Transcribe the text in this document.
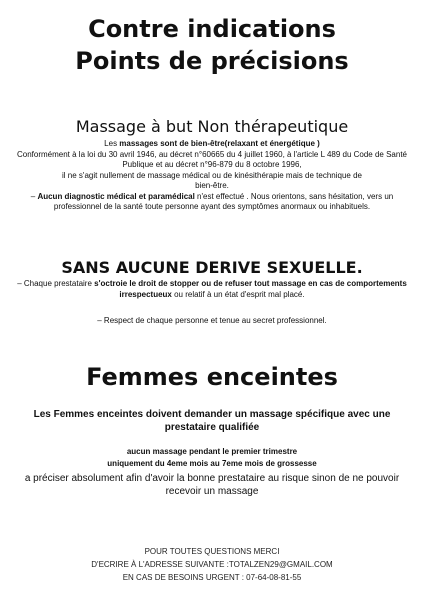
Contre indications
Points de précisions
Massage à but Non thérapeutique

Les massages sont de bien-être(relaxant et énergétique )

Conformément à la loi du 30 avril 1946, au décret n°60665 du 4 juillet 1960, à l'article L 489 du Code de Santé Publique et au décret n°96-879 du 8 octobre 1996,

il ne s'agit nullement de massage médical ou de kinésithérapie mais de technique de

bien-être.

– Aucun diagnostic médical et paramédical n'est effectué . Nous orientons, sans hésitation, vers un professionnel de la santé toute personne ayant des symptômes anormaux ou inhabituels.

SANS AUCUNE DERIVE SEXUELLE.

– Chaque prestataire s'octroie le droit de stopper ou de refuser tout massage en cas de comportements irrespectueux ou relatif à un état d'esprit mal placé.

– Respect de chaque personne et tenue au secret professionnel.
Femmes enceintes
Les Femmes enceintes doivent demander un massage spécifique avec une prestataire qualifiée
aucun massage pendant le premier trimestre
uniquement du 4eme mois au 7eme mois de grossesse
a préciser absolument afin d'avoir la bonne prestataire au risque sinon de ne pouvoir recevoir un massage
POUR TOUTES QUESTIONS MERCI
D'ECRIRE À L'ADRESSE SUIVANTE :TOTALZEN29@GMAIL.COM
EN CAS DE BESOINS URGENT : 07-64-08-81-55
